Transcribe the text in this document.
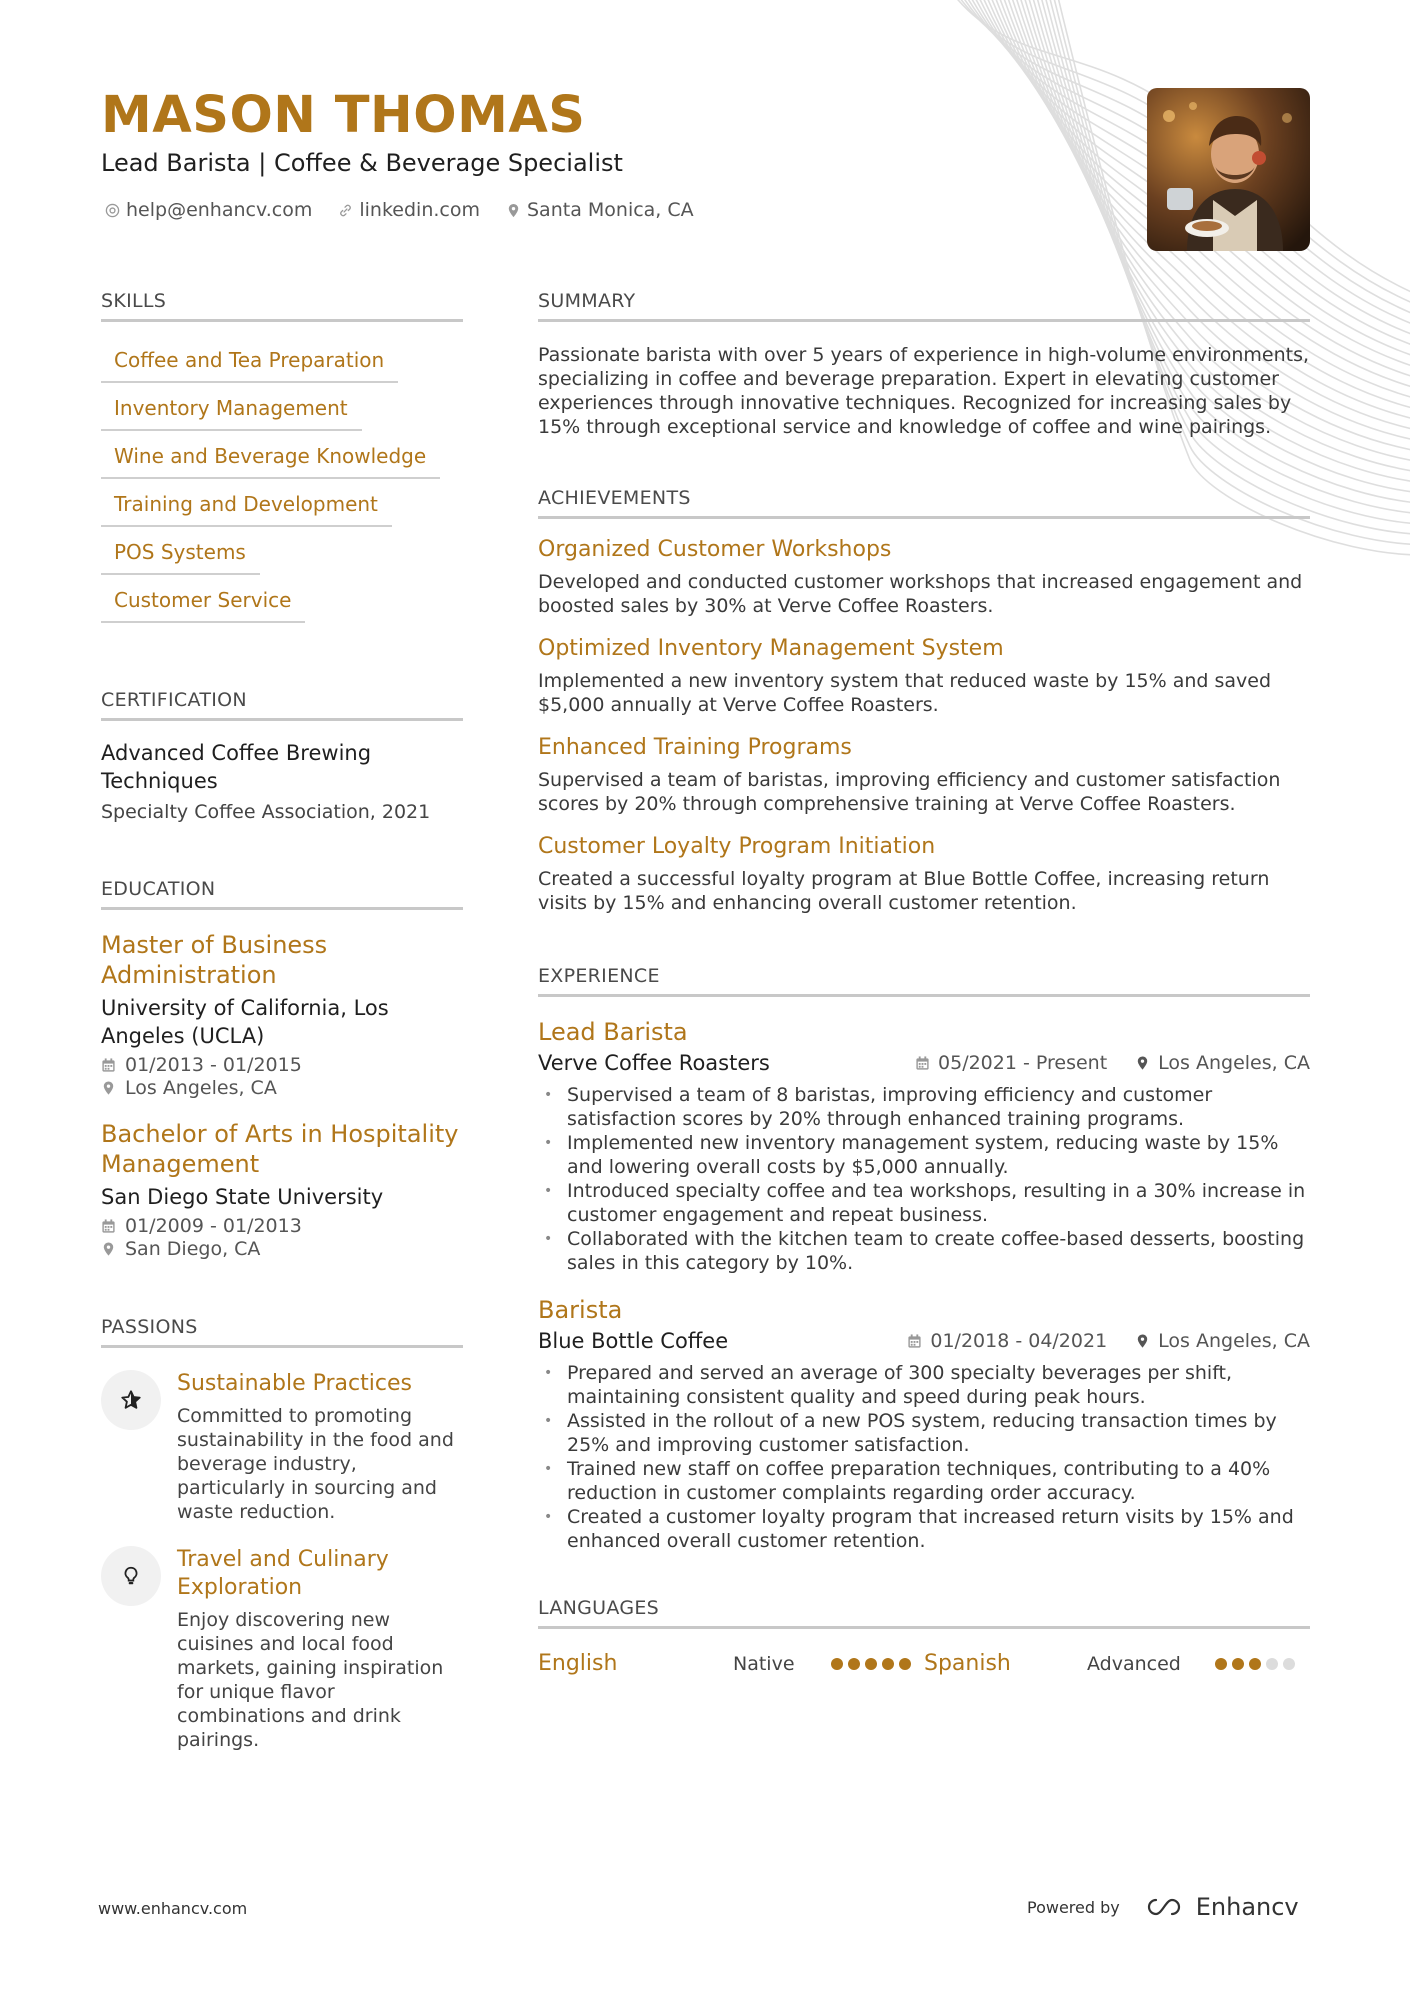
MASON THOMAS
Lead Barista | Coffee & Beverage Specialist
help@enhancv.com linkedin.com Santa Monica, CA
SKILLS
Coffee and Tea Preparation
Inventory Management
Wine and Beverage Knowledge
Training and Development
POS Systems
Customer Service
CERTIFICATION
Advanced Coffee Brewing Techniques
Specialty Coffee Association, 2021
EDUCATION
Master of Business Administration
University of California, Los Angeles (UCLA)
01/2013 - 01/2015
Los Angeles, CA
Bachelor of Arts in Hospitality Management
San Diego State University
01/2009 - 01/2013
San Diego, CA
PASSIONS
Sustainable Practices
Committed to promoting sustainability in the food and beverage industry, particularly in sourcing and waste reduction.
Travel and Culinary Exploration
Enjoy discovering new cuisines and local food markets, gaining inspiration for unique flavor combinations and drink pairings.
SUMMARY
Passionate barista with over 5 years of experience in high-volume environments, specializing in coffee and beverage preparation. Expert in elevating customer experiences through innovative techniques. Recognized for increasing sales by 15% through exceptional service and knowledge of coffee and wine pairings.
ACHIEVEMENTS
Organized Customer Workshops
Developed and conducted customer workshops that increased engagement and boosted sales by 30% at Verve Coffee Roasters.
Optimized Inventory Management System
Implemented a new inventory system that reduced waste by 15% and saved $5,000 annually at Verve Coffee Roasters.
Enhanced Training Programs
Supervised a team of baristas, improving efficiency and customer satisfaction scores by 20% through comprehensive training at Verve Coffee Roasters.
Customer Loyalty Program Initiation
Created a successful loyalty program at Blue Bottle Coffee, increasing return visits by 15% and enhancing overall customer retention.
EXPERIENCE
Lead Barista
Verve Coffee Roasters	05/2021 - Present	Los Angeles, CA
• Supervised a team of 8 baristas, improving efficiency and customer satisfaction scores by 20% through enhanced training programs.
• Implemented new inventory management system, reducing waste by 15% and lowering overall costs by $5,000 annually.
• Introduced specialty coffee and tea workshops, resulting in a 30% increase in customer engagement and repeat business.
• Collaborated with the kitchen team to create coffee-based desserts, boosting sales in this category by 10%.
Barista
Blue Bottle Coffee	01/2018 - 04/2021	Los Angeles, CA
• Prepared and served an average of 300 specialty beverages per shift, maintaining consistent quality and speed during peak hours.
• Assisted in the rollout of a new POS system, reducing transaction times by 25% and improving customer satisfaction.
• Trained new staff on coffee preparation techniques, contributing to a 40% reduction in customer complaints regarding order accuracy.
• Created a customer loyalty program that increased return visits by 15% and enhanced overall customer retention.
LANGUAGES
English	Native	Spanish	Advanced
www.enhancv.com	Powered by	Enhancv
